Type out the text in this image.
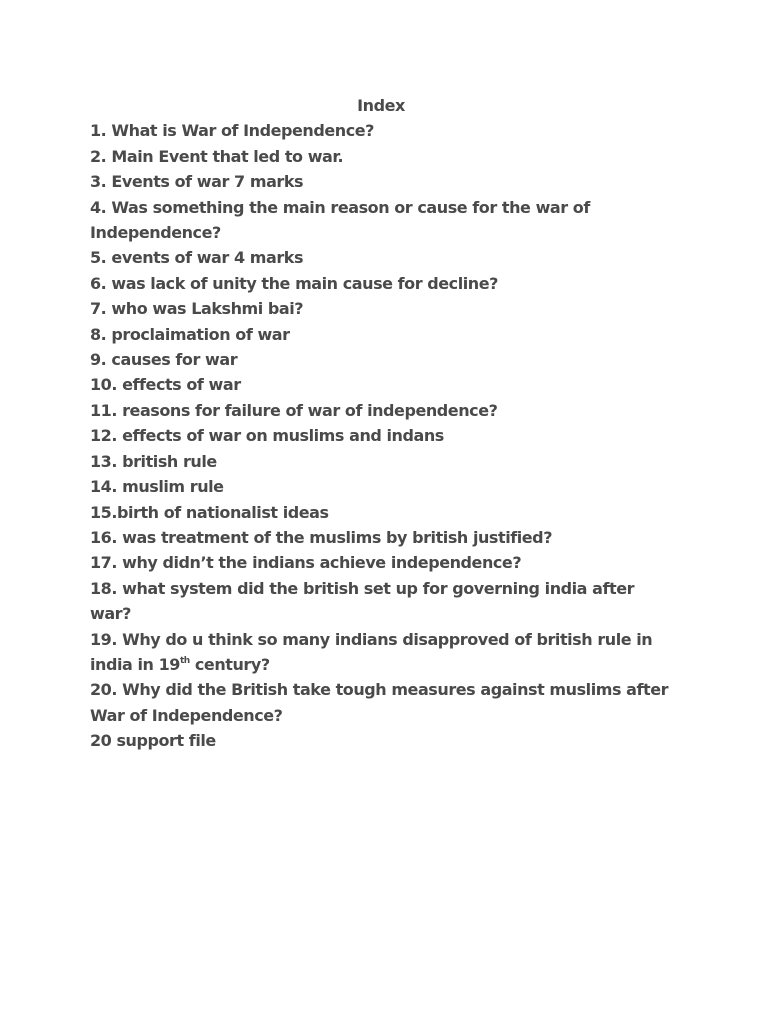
Index
1. What is War of Independence?
2. Main Event that led to war.
3. Events of war 7 marks
4. Was something the main reason or cause for the war of Independence?
5. events of war 4 marks
6. was lack of unity the main cause for decline?
7. who was Lakshmi bai?
8. proclaimation of war
9. causes for war
10. effects of war
11. reasons for failure of war of independence?
12. effects of war on muslims and indans
13. british rule
14. muslim rule
15.birth of nationalist ideas
16. was treatment of the muslims by british justified?
17. why didn’t the indians achieve independence?
18. what system did the british set up for governing india after war?
19. Why do u think so many indians disapproved of british rule in india in 19th century?
20. Why did the British take tough measures against muslims after War of Independence?
20 support file
